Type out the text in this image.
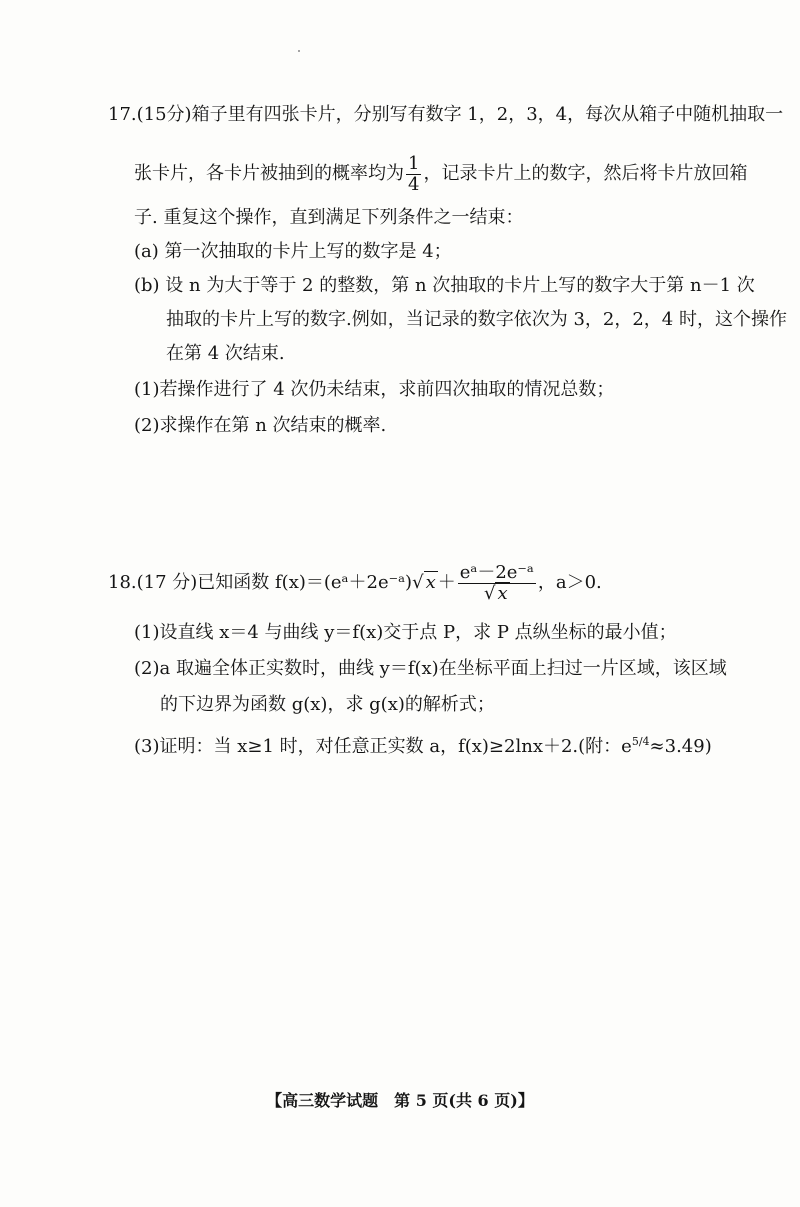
17.(15分)箱子里有四张卡片，分别写有数字 1，2，3，4，每次从箱子中随机抽取一
张卡片，各卡片被抽到的概率均为 $\frac{1}{4}$ ，记录卡片上的数字，然后将卡片放回箱
子. 重复这个操作，直到满足下列条件之一结束：
(a) 第一次抽取的卡片上写的数字是 4；
(b) 设 n 为大于等于 2 的整数，第 n 次抽取的卡片上写的数字大于第 n－1 次
抽取的卡片上写的数字.例如，当记录的数字依次为 3，2，2，4 时，这个操作
在第 4 次结束.
(1)若操作进行了 4 次仍未结束，求前四次抽取的情况总数；
(2)求操作在第 n 次结束的概率.
18.(17 分)已知函数 f(x)＝(eᵃ＋2e⁻ᵃ)√ $x + \frac{\text{eᵃ－2e⁻ᵃ}}{√ x}$ ，a＞0.
(1)设直线 x＝4 与曲线 y＝f(x)交于点 P，求 P 点纵坐标的最小值；
(2)a 取遍全体正实数时，曲线 y＝f(x)在坐标平面上扫过一片区域，该区域
的下边界为函数 g(x)，求 g(x)的解析式；
(3)证明：当 x≥1 时，对任意正实数 a，f(x)≥2lnx＋2.(附：$e^{5/4}\approx 3.49$)
【高三数学试题　第 5 页(共 6 页)】
